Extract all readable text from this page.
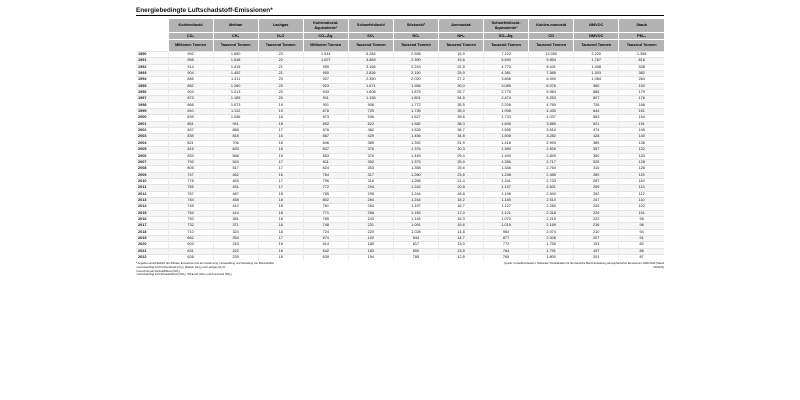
Energiebedingte Luftschadstoff-Emissionen*
	Kohlendioxid	Methan	Lachgas	Kohlendioxid-Äquivalente¹	Schwefeldioxid	Stickoxid²	Ammoniak	Schwefeldioxid-Äquivalente³	Kohlen-monoxid	NMVOC	Staub
	CO₂	CH₄	N₂O	CO₂-Äq.	SO₂	NOₓ	NH₃	SO₂-Äq.	CO	NMVOC	PM₁₀
	Millionen Tonnen	Tausend Tonnen	Tausend Tonnen	Millionen Tonnen	Tausend Tonnen	Tausend Tonnen	Tausend Tonnen	Tausend Tonnen	Tausend Tonnen	Tausend Tonnen	Tausend Tonnen
1990	992	1.650	23	1.044	5.284	2.598	15,9	7.122	12.050	2.220	1.398
1991	958	1.548	22	1.007	3.889	2.390	19,6	5.590	9.854	1.767	816
1992	914	1.415	21	959	3.166	2.243	22,8	4.770	8.441	1.498	538
1993	904	1.452	21	950	2.836	2.150	25,9	4.381	7.585	1.303	382
1994	885	1.311	20	927	2.350	2.020	27,2	3.808	6.490	1.084	264
1995	882	1.260	20	923	1.671	1.956	30,0	3.089	6.076	980	192
1996	904	1.213	20	943	1.608	1.875	32,7	2.775	5.564	885	179
1997	873	1.185	20	911	1.156	1.801	34,5	2.474	5.253	807	176
1998	866	1.073	19	901	906	1.772	35,5	2.206	4.769	726	166
1999	840	1.112	19	876	725	1.735	35,0	1.998	4.430	644	161
2000	839	1.036	18	873	536	1.627	39,6	1.743	4.037	563	154
2001	861	941	18	892	522	1.582	38,3	1.695	3.889	521	151
2002	847	888	17	876	462	1.528	36,7	1.595	3.614	474	145
2003	839	818	16	867	429	1.456	34,8	1.508	3.282	428	140
2004	821	706	16	846	389	1.392	31,9	1.418	2.993	385	136
2005	815	633	16	837	376	1.376	30,3	1.390	2.826	357	132
2006	833	568	16	853	376	1.449	29,4	1.440	2.849	350	133
2007	792	524	17	811	352	1.373	25,9	1.356	2.717	325	128
2008	805	517	17	824	353	1.358	25,6	1.346	2.764	310	126
2009	747	462	16	764	317	1.260	23,5	1.238	2.485	280	115
2010	778	469	17	796	318	1.268	21,4	1.241	2.733	287	119
2011	755	451	17	772	294	1.242	20,5	1.197	2.601	269	113
2012	767	487	18	785	295	1.244	18,8	1.196	2.540	252	112
2013	784	458	18	802	284	1.244	18,2	1.185	2.510	247	110
2014	745	410	18	761	263	1.197	16,7	1.127	2.280	226	102
2015	754	414	18	771	266	1.183	17,0	1.121	2.318	229	101
2016	750	381	18	765	243	1.145	16,3	1.070	2.215	222	98
2017	732	371	18	748	231	1.091	15,6	1.019	2.169	216	96
2018	710	324	18	724	220	1.028	14,8	964	2.074	210	94
2019	662	254	17	674	192	944	14,7	877	2.006	207	91
2020	603	243	16	614	180	817	13,0	772	1.755	193	82
2021	631	242	16	642	183	800	13,5	764	1.791	197	86
2022	628	235	16	639	194	785	12,8	765	1.800	201	87
* Angaben einschließlich der diffusen Emissionen bei der Gewinnung, Umwandlung und Verteilung von Brennstoffen
¹ berücksichtigt sind Kohlendioxid (CO₂), Methan (CH₄) und Lachgas (N₂O)
² berechnet als Stickstoffdioxid (NO₂)
³ berücksichtigt sind Schwefeldioxid (SO₂), Stickoxid (NOₓ) und Ammoniak (NH₃)
Quelle: Umweltbundesamt: Nationale Trendtabellen für die deutsche Berichterstattung atmosphärischer Emissionen 1990-2022 (Stand 03/2023)
